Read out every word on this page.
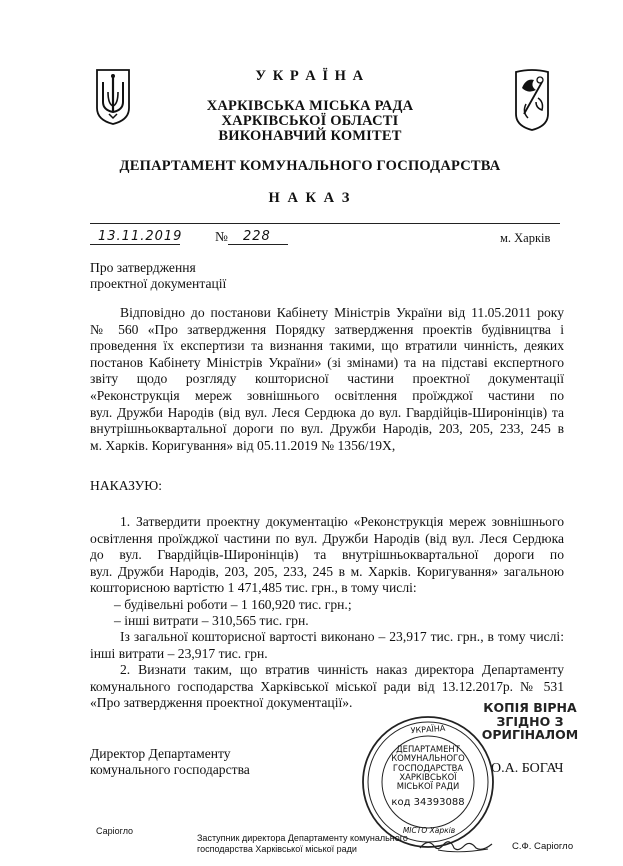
У К Р А Ї Н А
ХАРКІВСЬКА МІСЬКА РАДА
ХАРКІВСЬКОЇ ОБЛАСТІ
ВИКОНАВЧИЙ КОМІТЕТ
ДЕПАРТАМЕНТ КОМУНАЛЬНОГО ГОСПОДАРСТВА
Н А К А З
13.11.2019 № 228	м. Харків
Про затвердження
проектної документації
Відповідно до постанови Кабінету Міністрів України від 11.05.2011 року
№ 560 «Про затвердження Порядку затвердження проектів будівництва і
проведення їх експертизи та визнання такими, що втратили чинність, деяких
постанов Кабінету Міністрів України» (зі змінами) та на підставі експертного
звіту щодо розгляду кошторисної частини проектної документації
«Реконструкція мереж зовнішнього освітлення проїжджої частини по
вул. Дружби Народів (від вул. Леся Сердюка до вул. Гвардійців-Широнінців) та
внутрішньоквартальної дороги по вул. Дружби Народів, 203, 205, 233, 245 в
м. Харків. Коригування» від 05.11.2019 № 1356/19Х,
НАКАЗУЮ:
1. Затвердити проектну документацію «Реконструкція мереж зовнішнього
освітлення проїжджої частини по вул. Дружби Народів (від вул. Леся Сердюка
до вул. Гвардійців-Широнінців) та внутрішньоквартальної дороги по
вул. Дружби Народів, 203, 205, 233, 245 в м. Харків. Коригування» загальною
кошторисною вартістю 1 471,485 тис. грн., в тому числі:
– будівельні роботи – 1 160,920 тис. грн.;
– інші витрати – 310,565 тис. грн.
Із загальної кошторисної вартості виконано – 23,917 тис. грн., в тому числі:
інші витрати – 23,917 тис. грн.
2. Визнати таким, що втратив чинність наказ директора Департаменту
комунального господарства Харківської міської ради від 13.12.2017р. № 531
«Про затвердження проектної документації».	КОПІЯ ВІРНА
ЗГІДНО З
ОРИГІНАЛОМ
Директор Департаменту
комунального господарства	О.А. БОГАЧ
УКРАЇНА
ДЕПАРТАМЕНТ
КОМУНАЛЬНОГО
ГОСПОДАРСТВА
ХАРКІВСЬКОЇ
МІСЬКОЇ РАДИ
код 34393088
МІСТО Харків
Саріогло
Заступник директора Департаменту комунального
господарства Харківської міської ради	С.Ф. Саріогло
